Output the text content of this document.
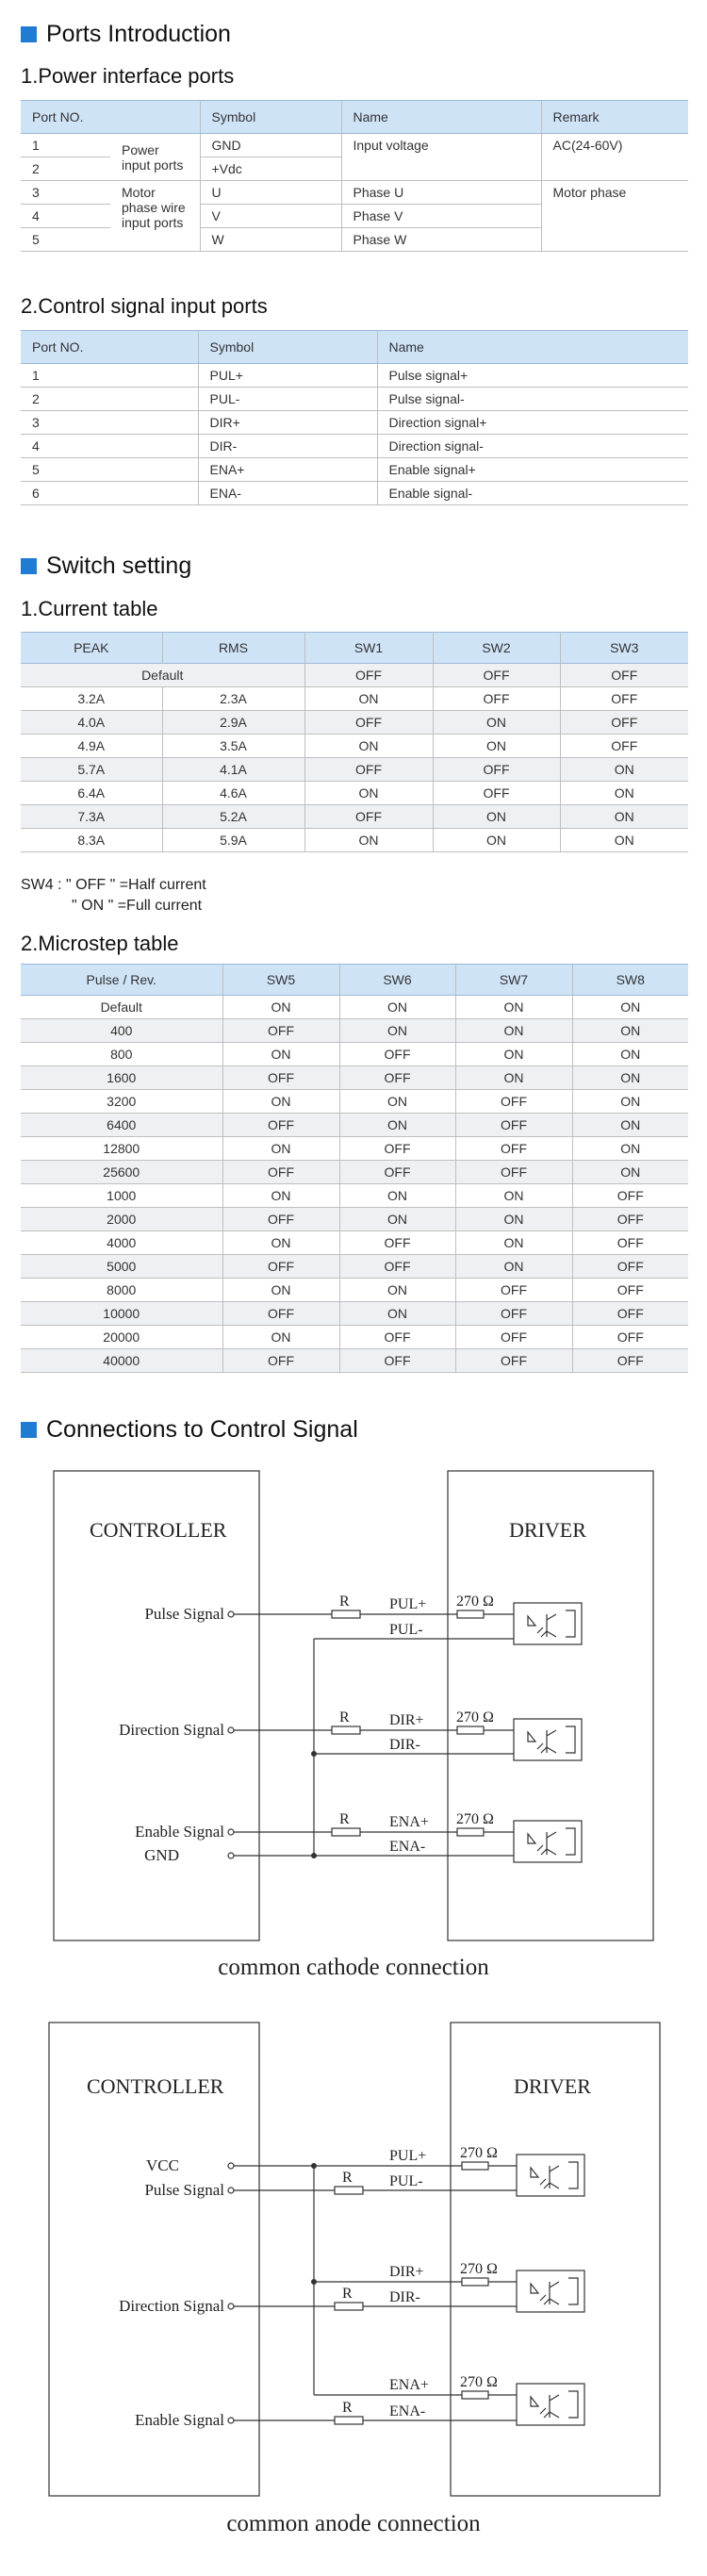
Ports Introduction
1.Power interface ports
Port NO.		Symbol	Name	Remark
1	Power input ports	GND	Input voltage	AC(24-60V)
2		+Vdc		
3	Motor phase wire input ports	U	Phase U	Motor phase
4		V	Phase V	
5		W	Phase W	
2.Control signal input ports
Port NO.	Symbol	Name
1	PUL+	Pulse signal+
2	PUL-	Pulse signal-
3	DIR+	Direction signal+
4	DIR-	Direction signal-
5	ENA+	Enable signal+
6	ENA-	Enable signal-
Switch setting
1.Current table
PEAK	RMS	SW1	SW2	SW3
Default		OFF	OFF	OFF
3.2A	2.3A	ON	OFF	OFF
4.0A	2.9A	OFF	ON	OFF
4.9A	3.5A	ON	ON	OFF
5.7A	4.1A	OFF	OFF	ON
6.4A	4.6A	ON	OFF	ON
7.3A	5.2A	OFF	ON	ON
8.3A	5.9A	ON	ON	ON
SW4 : " OFF " =Half current
" ON " =Full current
2.Microstep table
Pulse / Rev.	SW5	SW6	SW7	SW8
Default	ON	ON	ON	ON
400	OFF	ON	ON	ON
800	ON	OFF	ON	ON
1600	OFF	OFF	ON	ON
3200	ON	ON	OFF	ON
6400	OFF	ON	OFF	ON
12800	ON	OFF	OFF	ON
25600	OFF	OFF	OFF	ON
1000	ON	ON	ON	OFF
2000	OFF	ON	ON	OFF
4000	ON	OFF	ON	OFF
5000	OFF	OFF	ON	OFF
8000	ON	ON	OFF	OFF
10000	OFF	ON	OFF	OFF
20000	ON	OFF	OFF	OFF
40000	OFF	OFF	OFF	OFF
Connections to Control Signal
CONTROLLER	DRIVER
Pulse Signal
Direction Signal
Enable Signal
GND
R
R
R
PUL+
PUL-
DIR+
DIR-
ENA+
ENA-
270 Ω
270 Ω
270 Ω
common cathode connection
CONTROLLER	DRIVER
VCC
Pulse Signal
Direction Signal
Enable Signal
R
R
R
PUL+
PUL-
DIR+
DIR-
ENA+
ENA-
270 Ω
270 Ω
270 Ω
common anode connection
